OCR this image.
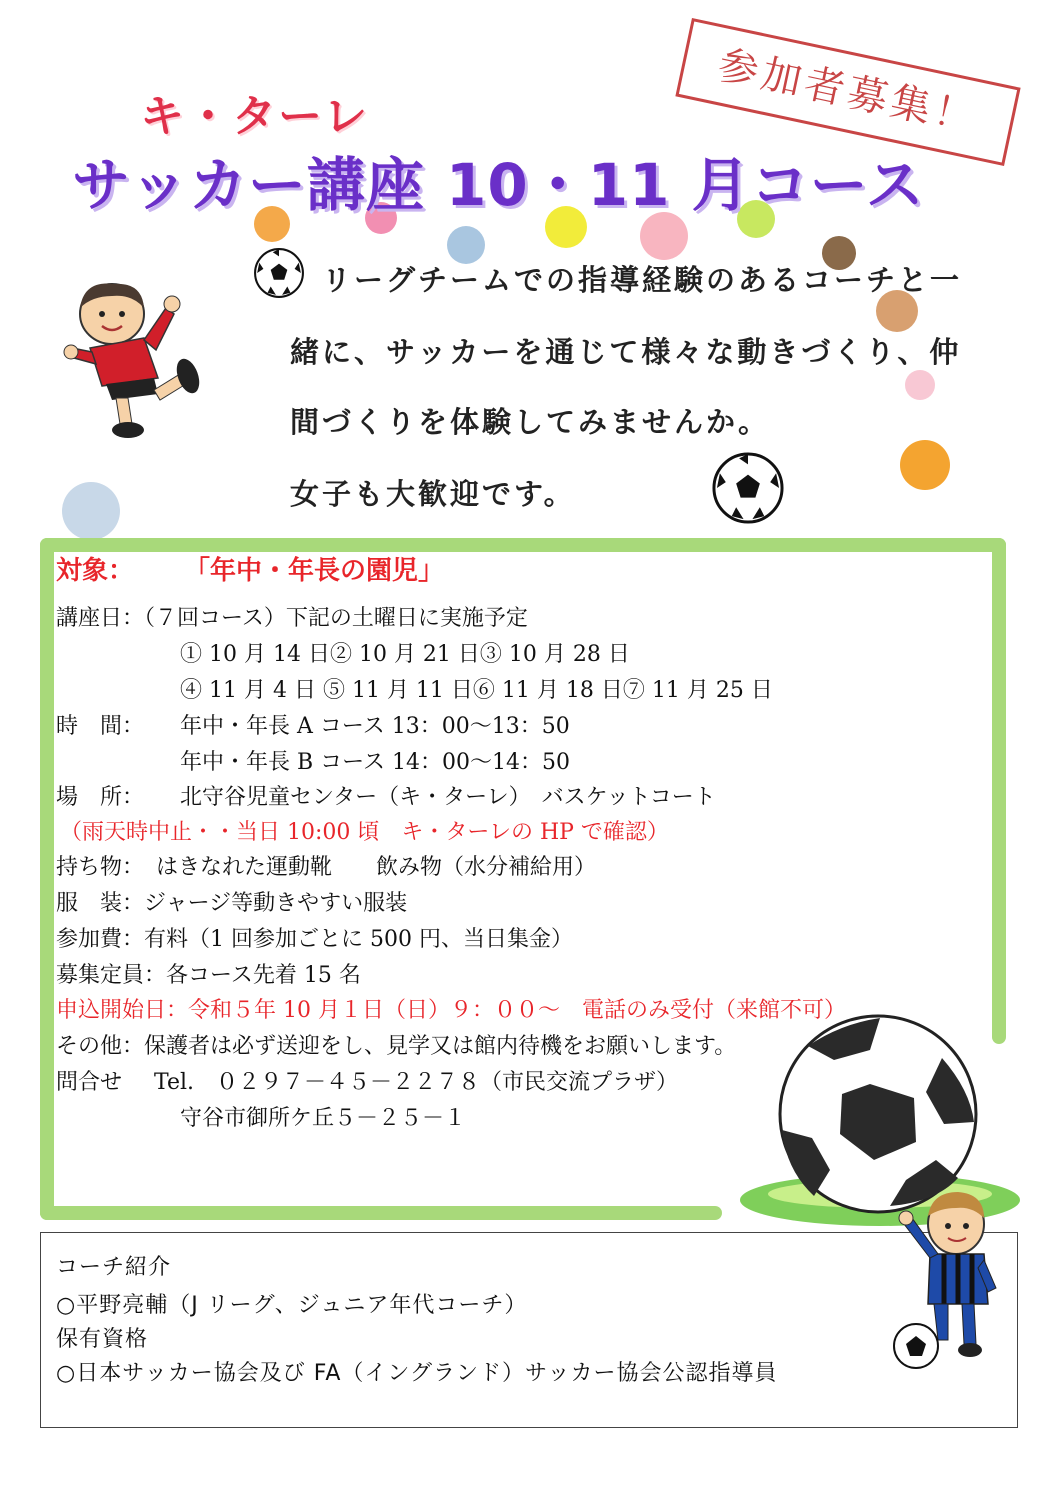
参加者募集！
キ・ターレ
サッカー講座 10・11 月コース
リーグチームでの指導経験のあるコーチと一
緒に、サッカーを通じて様々な動きづくり、仲
間づくりを体験してみませんか。
女子も大歓迎です。
対象： 「年中・年長の園児」
講座日：（７回コース）下記の土曜日に実施予定
① 10 月 14 日② 10 月 21 日③ 10 月 28 日
④ 11 月 4 日 ⑤ 11 月 11 日⑥ 11 月 18 日⑦ 11 月 25 日
時　間： 年中・年長 A コース 13：00〜13：50
年中・年長 B コース 14：00〜14：50
場　所： 北守谷児童センター（キ・ターレ）　バスケットコート
（雨天時中止・・当日 10:00 頃　キ・ターレの HP で確認）
持ち物： はきなれた運動靴　　飲み物（水分補給用）
服　装：ジャージ等動きやすい服装
参加費：有料（1 回参加ごとに 500 円、当日集金）
募集定員：各コース先着 15 名
申込開始日：令和５年 10 月１日（日）９：００〜　電話のみ受付（来館不可）
その他：保護者は必ず送迎をし、見学又は館内待機をお願いします。
問合せ Tel.　０２９７－４５－２２７８（市民交流プラザ）
守谷市御所ケ丘５－２５－１
コーチ紹介
○平野亮輔（J リーグ、ジュニア年代コーチ）
保有資格
○日本サッカー協会及び FA（イングランド）サッカー協会公認指導員
